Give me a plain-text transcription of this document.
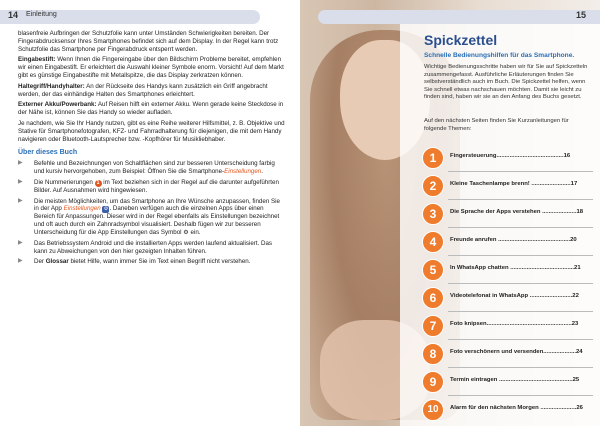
14 Einleitung

blasenfreie Aufbringen der Schutzfolie kann unter Umständen Schwierigkeiten bereiten. Der Fingerabdrucksensor Ihres Smartphones befindet sich auf dem Display. In der Regel kann trotz Schutzfolie das Smartphone per Fingerabdruck entsperrt werden.

Eingabestift: Wenn Ihnen die Fingereingabe über den Bildschirm Probleme bereitet, empfehlen wir einen Eingabestift. Er erleichtert die Auswahl kleiner Symbole enorm. Vorsicht! Auf dem Markt gibt es günstige Eingabestifte mit Metallspitze, die das Display zerkratzen können.

Haltegriff/Handyhalter: An der Rückseite des Handys kann zusätzlich ein Griff angebracht werden, der das einhändige Halten des Smartphones erleichtert.

Externer Akku/Powerbank: Auf Reisen hilft ein externer Akku. Wenn gerade keine Steckdose in der Nähe ist, können Sie das Handy so wieder aufladen.

Je nachdem, wie Sie Ihr Handy nutzen, gibt es eine Reihe weiterer Hilfsmittel, z. B. Objektive und Stative für Smartphonefotografen, KFZ- und Fahrradhalterung für diejenigen, die mit dem Handy navigieren oder Bluetooth-Lautsprecher bzw. -Kopfhörer für Musikliebhaber.

Über dieses Buch

▶ Befehle und Bezeichnungen von Schaltflächen sind zur besseren Unterscheidung farbig und kursiv hervorgehoben, zum Beispiel: Öffnen Sie die Smartphone-Einstellungen.
▶ Die Nummerierungen 1 im Text beziehen sich in der Regel auf die darunter aufgeführten Bilder. Auf Ausnahmen wird hingewiesen.
▶ Die meisten Möglichkeiten, um das Smartphone an Ihre Wünsche anzupassen, finden Sie in der App Einstellungen ⚙. Daneben verfügen auch die einzelnen Apps über einen Bereich für Anpassungen. Dieser wird in der Regel ebenfalls als Einstellungen bezeichnet und oft auch durch ein Zahnradsymbol visualisiert. Deshalb fügen wir zur besseren Unterscheidung für die App Einstellungen das Symbol ⚙ ein.
▶ Das Betriebssystem Android und die installierten Apps werden laufend aktualisiert. Das kann zu Abweichungen von den hier gezeigten Inhalten führen.
▶ Der Glossar bietet Hilfe, wann immer Sie im Text einen Begriff nicht verstehen.
15
Spickzettel
Schnelle Bedienungshilfen für das Smartphone.
Wichtige Bedienungsschritte haben wir für Sie auf Spickzetteln zusammengefasst. Ausführliche Erläuterungen finden Sie selbstverständlich auch im Buch. Die Spickzettel helfen, wenn Sie schnell etwas nachschauen möchten. Damit sie leicht zu finden sind, haben wir sie an den Anfang des Buchs gesetzt.
Auf den nächsten Seiten finden Sie Kurzanleitungen für folgende Themen:
1	Fingersteuerung.........................................16
2	Kleine Taschenlampe brenn! ........................17
3	Die Sprache der Apps verstehen .....................18
4	Freunde anrufen ............................................20
5	In WhatsApp chatten .......................................21
6	Videotelefonat in WhatsApp ..........................22
7	Foto knipsen....................................................23
8	Foto verschönern und versenden....................24
9	Termin eintragen .............................................25
10	Alarm für den nächsten Morgen ......................26
